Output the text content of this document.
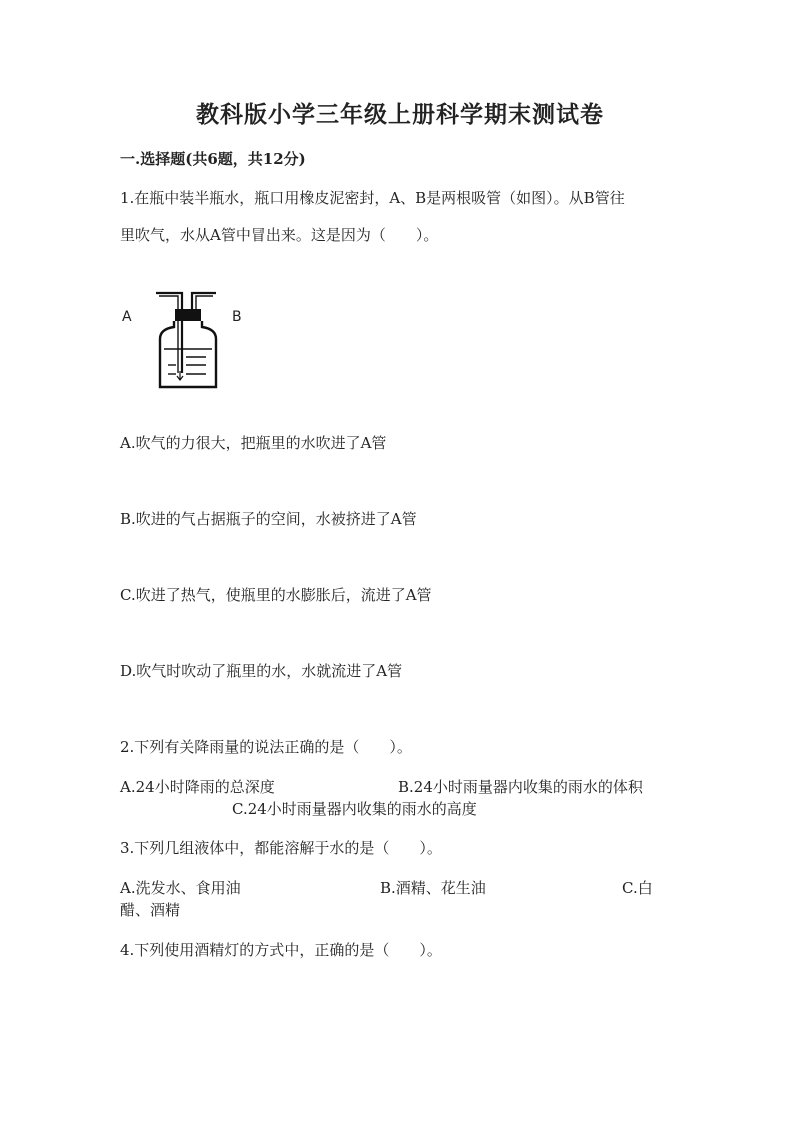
教科版小学三年级上册科学期末测试卷
一.选择题(共6题，共12分)
1.在瓶中装半瓶水，瓶口用橡皮泥密封，A、B是两根吸管（如图）。从B管往
里吹气，水从A管中冒出来。这是因为（　　）。
A	B
A.吹气的力很大，把瓶里的水吹进了A管
B.吹进的气占据瓶子的空间，水被挤进了A管
C.吹进了热气，使瓶里的水膨胀后，流进了A管
D.吹气时吹动了瓶里的水，水就流进了A管
2.下列有关降雨量的说法正确的是（　　）。
A.24小时降雨的总深度	B.24小时雨量器内收集的雨水的体积
C.24小时雨量器内收集的雨水的高度
3.下列几组液体中，都能溶解于水的是（　　）。
A.洗发水、食用油	B.酒精、花生油	C.白
醋、酒精
4.下列使用酒精灯的方式中，正确的是（　　）。
